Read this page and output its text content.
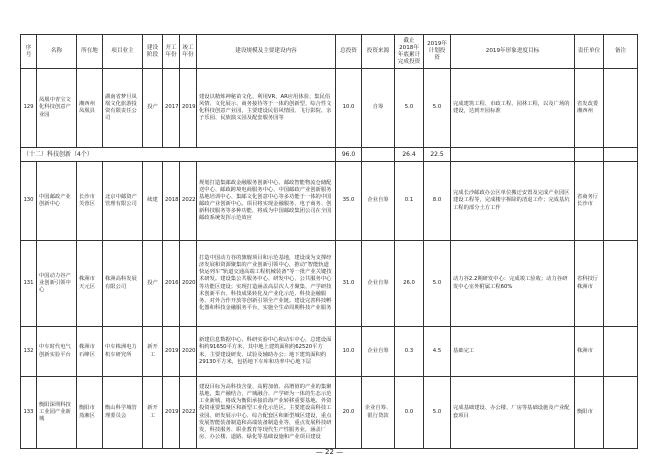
序号	名称	所在地	项目业主	建设阶段	开工年份	竣工年份	建设规模及主要建设内容	总投资	投资来源	截止2018年年底累计完成投资	2019年计划投资	2019年形象进度目标	责任单位	备注
129	凤凰中青宝文化科技创意产业园	湘西州凤凰县	湖南省梦旦凤凰文化旅游投资有限责任公司	投产	2017	2019	建设以精炼神秘苗文化、利用VR、AR应用体验、集民俗风情、文化展示、商务接待等于一体的创新型、综合性文化科技创意产业园，主要建设民俗风情园、飞行影院、亲子乐园、民族演义园及配套服务园等	10.0	自筹	5.0	5.0	完成建筑工程、市政工程、园林工程，以及广场的建设，达到开园标准	省发改委湘西州	
（十二）科技创新（4个）								96.0		26.4	22.5			
130	中国邮政产业创新中心	长沙市芙蓉区	北京中邮资产管理有限公司	续建	2018	2022	规划打造集邮政金融服务创新中心、邮政智能物流仓储配送中心、邮政跨境电商服务中心、中国邮政产业创新服务基地培训中心、集邮文化创意中心等多功能于一体的中国邮政产业创新中心。项目将实现金融服务、电子商务、创新科技服务等多种功能，将成为中国邮政集团公司在全国邮政系统发挥示范效应	35.0	企业自筹	0.1	8.0	完成长沙邮政办公区单位搬迁安置及完成产业园区建设工程等，完成楼宇拆除的清退工作；完成基坑工程的部分土方工作	省商务厅长沙市	
131	中国动力谷产业创新引领中心	株洲市天元区	株洲高科发展有限公司	投产	2016	2020	打造中国动力谷的旗舰项目和示范基地，建设成为支撑经济发展和资源聚集的产业创新引领中心，推动“智能轨道快运列车”轨道交通高端工程机械装备“等一批产业关键技术研发。建设集公共服务中心、研发中心、公共服务中心等功能区建设；实现打造涵盖高层次人才聚集、产学研技术创新平台、科技成果转化及产业化示范、科技金融服务、对外合作开放等创新引领全产业链。建设完善科技孵化器和科技金融服务平台，实施全生命周期科技产业服务	31.0	企业自筹	26.0	5.0	动力谷2.2期研发中心：完成竣工验收；动力谷研发中心室外附属工程60%	省科技厅株洲市	
132	中车时代电气创新实验平台	株洲市石峰区	中车株洲电力机车研究所	新开工	2019	2020	新建信息数据中心，科研实验中心和动车中心，总建设面积约91650平方米，其中地上建筑面积约62520平方米，主要建设研发、试验及辅助办公；地下建筑面积约29130平方米，包括地下车库和功率中心地下层	10.0	企业自筹	0.3	4.5	基础完工	株洲市	
133	衡阳深圳科技工业园产业新城	衡阳市蒸湘区	衡山科学城管理委员会	新开工	2019	2022	建设目标为高科技含量、高附加值、高增值的产业的集聚基地，集产融结合、产城融合、产学研为一体的生态示范工业新城，将成为衡阳承接沿海产业转移重要基地、外资投资重要集聚区和新型工业化示范区。主要建设高科技工业园、研发展示中心、综合配套区和新型城区建设，重点发展智能装备制造和高端装备制造业等，重点发展科技研发、科技服务、职业教育等现代生产性服务业，涵盖厂房、办公楼、道路、绿化等基础设施和产业项目建设	20.0	企业自筹、银行贷款	0.0	5.0	完成基础建设、办公楼、厂房等基础设施及产业配套项目	衡阳市	
— 22 —
